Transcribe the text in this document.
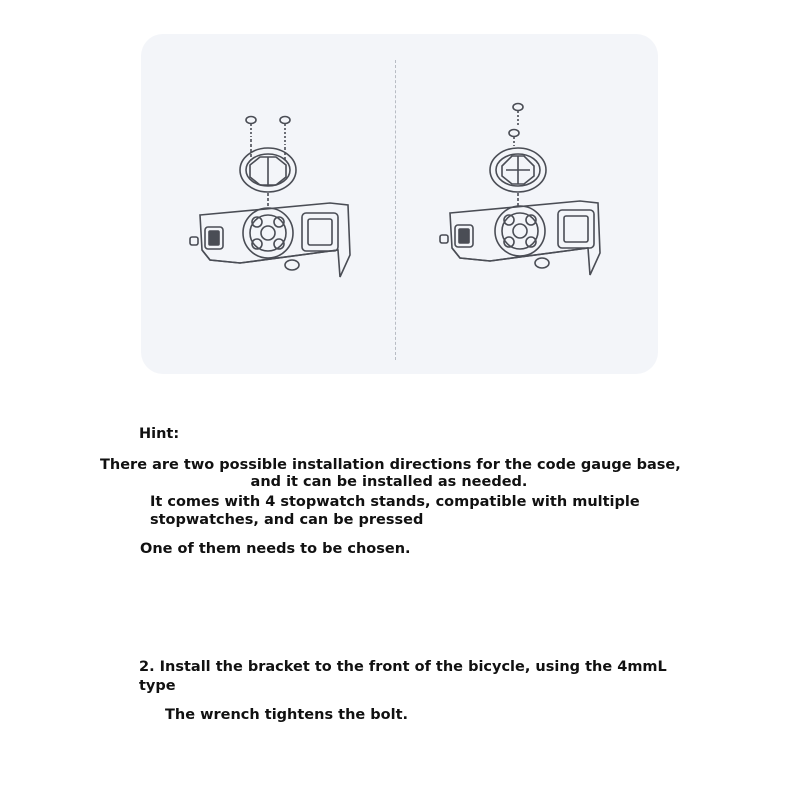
Hint:

There are two possible installation directions for the code gauge base,

and it can be installed as needed.

It comes with 4 stopwatch stands, compatible with multiple

stopwatches, and can be pressed

One of them needs to be chosen.

2. Install the bracket to the front of the bicycle, using the 4mmL

type

The wrench tightens the bolt.
